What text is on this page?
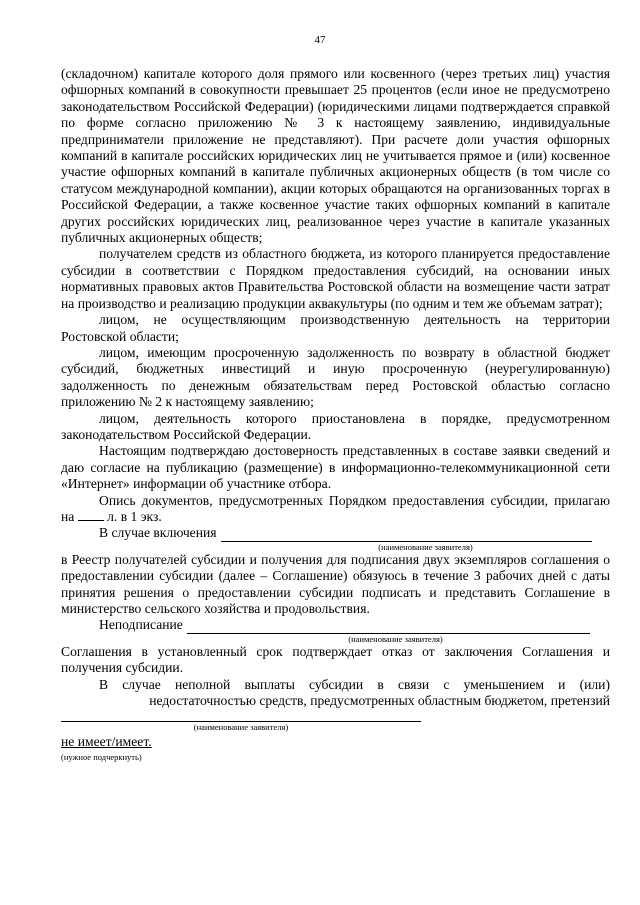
47

(складочном) капитале которого доля прямого или косвенного (через третьих лиц) участия офшорных компаний в совокупности превышает 25 процентов (если иное не предусмотрено законодательством Российской Федерации) (юридическими лицами подтверждается справкой по форме согласно приложению № 3 к настоящему заявлению, индивидуальные предприниматели приложение не представляют). При расчете доли участия офшорных компаний в капитале российских юридических лиц не учитывается прямое и (или) косвенное участие офшорных компаний в капитале публичных акционерных обществ (в том числе со статусом международной компании), акции которых обращаются на организованных торгах в Российской Федерации, а также косвенное участие таких офшорных компаний в капитале других российских юридических лиц, реализованное через участие в капитале указанных публичных акционерных обществ;

получателем средств из областного бюджета, из которого планируется предоставление субсидии в соответствии с Порядком предоставления субсидий, на основании иных нормативных правовых актов Правительства Ростовской области на возмещение части затрат на производство и реализацию продукции аквакультуры (по одним и тем же объемам затрат);

лицом, не осуществляющим производственную деятельность на территории Ростовской области;

лицом, имеющим просроченную задолженность по возврату в областной бюджет субсидий, бюджетных инвестиций и иную просроченную (неурегулированную) задолженность по денежным обязательствам перед Ростовской областью согласно приложению № 2 к настоящему заявлению;

лицом, деятельность которого приостановлена в порядке, предусмотренном законодательством Российской Федерации.

Настоящим подтверждаю достоверность представленных в составе заявки сведений и даю согласие на публикацию (размещение) в информационно-телекоммуникационной сети «Интернет» информации об участнике отбора.

Опись документов, предусмотренных Порядком предоставления субсидии, прилагаю на л. в 1 экз.

В случае включения
(наименование заявителя)

в Реестр получателей субсидии и получения для подписания двух экземпляров соглашения о предоставлении субсидии (далее – Соглашение) обязуюсь в течение 3 рабочих дней с даты принятия решения о предоставлении субсидии подписать и представить Соглашение в министерство сельского хозяйства и продовольствия.

Неподписание
(наименование заявителя)

Соглашения в установленный срок подтверждает отказ от заключения Соглашения и получения субсидии.

В случае неполной выплаты субсидии в связи с уменьшением и (или) недостаточностью средств, предусмотренных областным бюджетом, претензий

(наименование заявителя)
не имеет/имеет.
(нужное подчеркнуть)
